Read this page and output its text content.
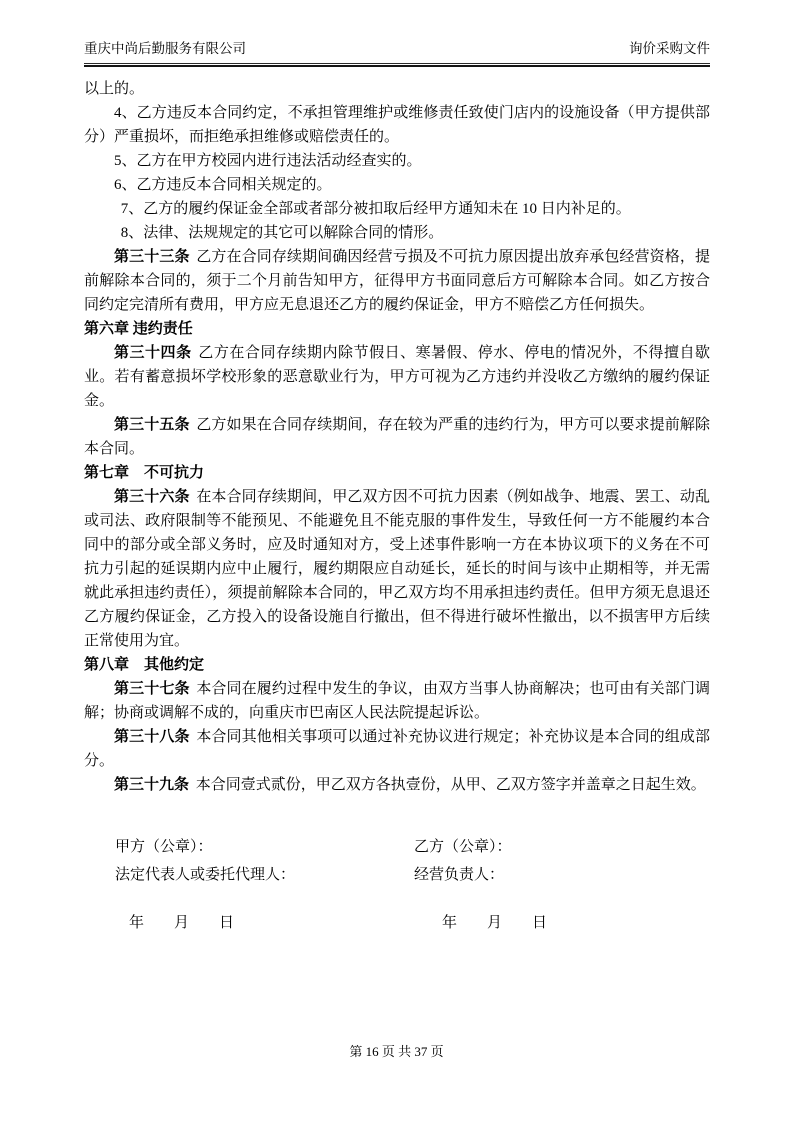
重庆中尚后勤服务有限公司	询价采购文件

以上的。

4、乙方违反本合同约定，不承担管理维护或维修责任致使门店内的设施设备（甲方提供部分）严重损坏，而拒绝承担维修或赔偿责任的。

5、乙方在甲方校园内进行违法活动经查实的。

6、乙方违反本合同相关规定的。

7、乙方的履约保证金全部或者部分被扣取后经甲方通知未在 10 日内补足的。

8、法律、法规规定的其它可以解除合同的情形。

第三十三条 乙方在合同存续期间确因经营亏损及不可抗力原因提出放弃承包经营资格，提前解除本合同的，须于二个月前告知甲方，征得甲方书面同意后方可解除本合同。如乙方按合同约定完清所有费用，甲方应无息退还乙方的履约保证金，甲方不赔偿乙方任何损失。

第六章 违约责任

第三十四条 乙方在合同存续期内除节假日、寒暑假、停水、停电的情况外，不得擅自歇业。若有蓄意损坏学校形象的恶意歇业行为，甲方可视为乙方违约并没收乙方缴纳的履约保证金。

第三十五条 乙方如果在合同存续期间，存在较为严重的违约行为，甲方可以要求提前解除本合同。

第七章　不可抗力

第三十六条 在本合同存续期间，甲乙双方因不可抗力因素（例如战争、地震、罢工、动乱或司法、政府限制等不能预见、不能避免且不能克服的事件发生，导致任何一方不能履约本合同中的部分或全部义务时，应及时通知对方，受上述事件影响一方在本协议项下的义务在不可抗力引起的延误期内应中止履行，履约期限应自动延长，延长的时间与该中止期相等，并无需就此承担违约责任），须提前解除本合同的，甲乙双方均不用承担违约责任。但甲方须无息退还乙方履约保证金，乙方投入的设备设施自行撤出，但不得进行破坏性撤出，以不损害甲方后续正常使用为宜。

第八章　其他约定

第三十七条 本合同在履约过程中发生的争议，由双方当事人协商解决；也可由有关部门调解；协商或调解不成的，向重庆市巴南区人民法院提起诉讼。

第三十八条 本合同其他相关事项可以通过补充协议进行规定；补充协议是本合同的组成部分。

第三十九条 本合同壹式贰份，甲乙双方各执壹份，从甲、乙双方签字并盖章之日起生效。

甲方（公章）：
法定代表人或委托代理人：
年　　月　　日
乙方（公章）：
经营负责人：
年　　月　　日
第 16 页 共 37 页
